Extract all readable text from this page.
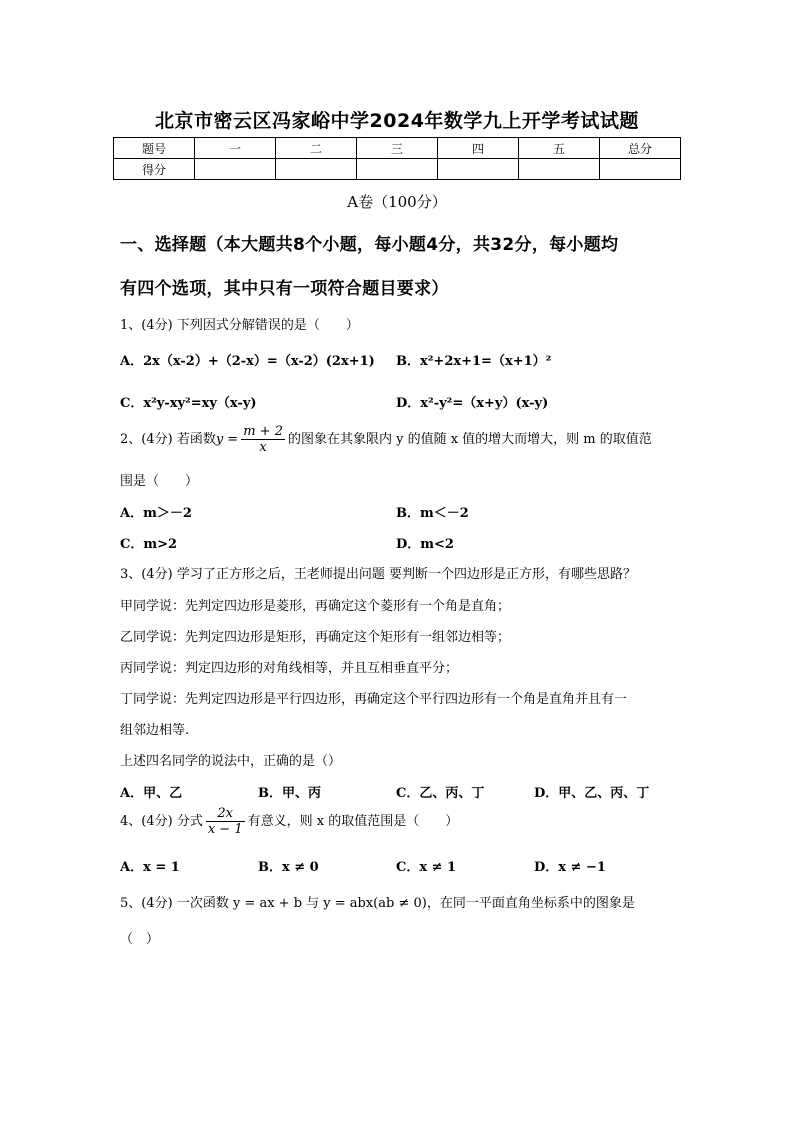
北京市密云区冯家峪中学2024年数学九上开学考试试题
题号	一	二	三	四	五	总分
得分						
A卷（100分）
一、选择题（本大题共8个小题，每小题4分，共32分，每小题均
有四个选项，其中只有一项符合题目要求）
1、(4分) 下列因式分解错误的是（　　）
A．2x（x-2）+（2-x）=（x-2）(2x+1) B．x²+2x+1=（x+1）²
C．x²y-xy²=xy（x-y)	D．x²-y²=（x+y）(x-y)
2、(4分) 若函数$y = \frac{m + 2}{x}$ 的图象在其象限内 y 的值随 x 值的增大而增大，则 m 的取值范
围是（　　）
A．m＞－2	B．m＜－2
C．m>2	D．m<2
3、(4分) 学习了正方形之后，王老师提出问题 要判断一个四边形是正方形，有哪些思路？
甲同学说：先判定四边形是菱形，再确定这个菱形有一个角是直角；
乙同学说：先判定四边形是矩形，再确定这个矩形有一组邻边相等；
丙同学说：判定四边形的对角线相等，并且互相垂直平分；
丁同学说：先判定四边形是平行四边形，再确定这个平行四边形有一个角是直角并且有一
组邻边相等.
上述四名同学的说法中，正确的是（）
A．甲、乙	B．甲、丙	C．乙、丙、丁	D．甲、乙、丙、丁
4、(4分) 分式 $\frac{2x}{x - 1}$ 有意义，则 x 的取值范围是（　　）
A．x = 1	B．x ≠ 0	C．x ≠ 1	D．x ≠ −1
5、(4分) 一次函数 y = ax + b 与 y = abx(ab ≠ 0)，在同一平面直角坐标系中的图象是
（　）
